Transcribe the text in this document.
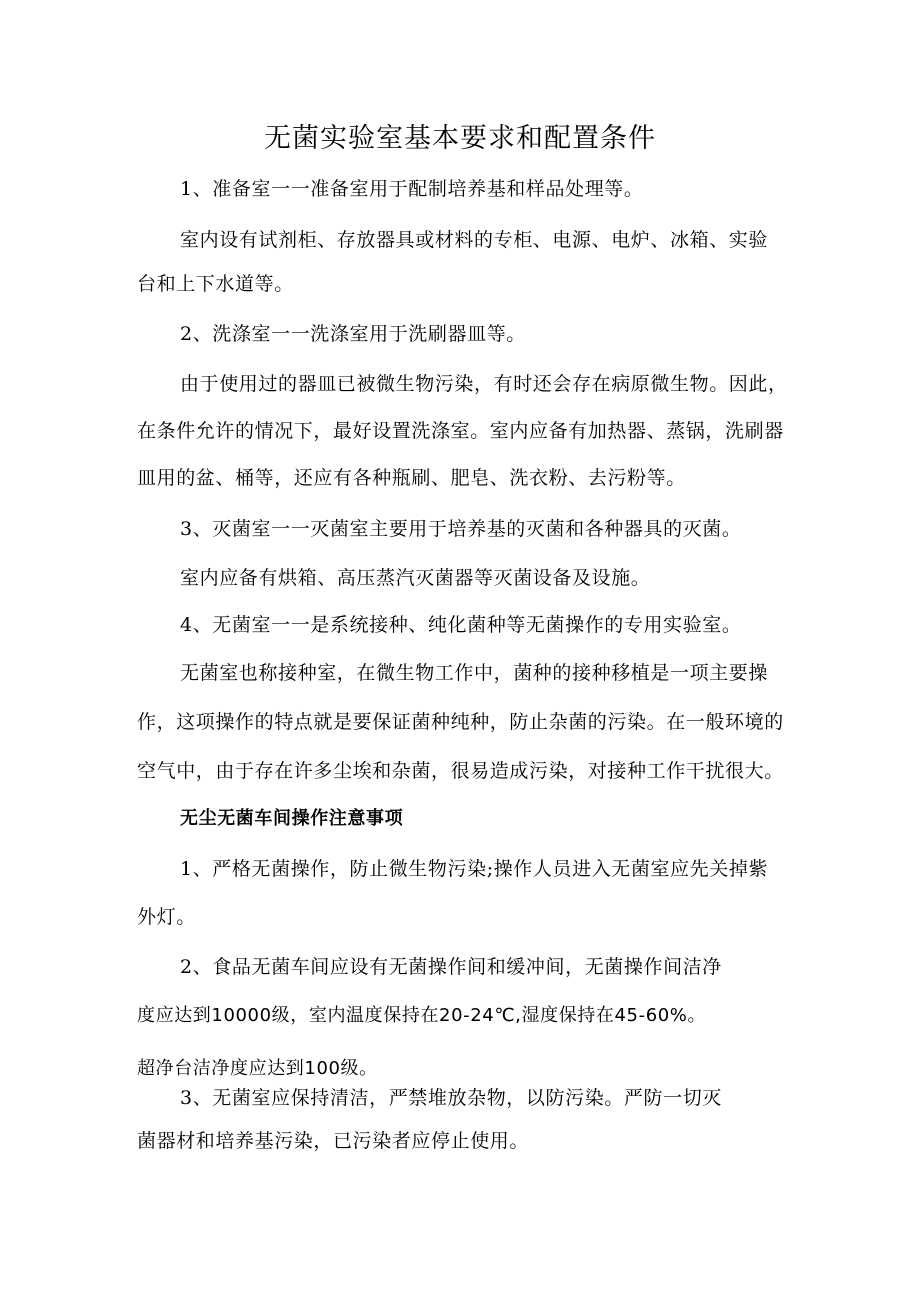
无菌实验室基本要求和配置条件
1、准备室一一准备室用于配制培养基和样品处理等。
室内设有试剂柜、存放器具或材料的专柜、电源、电炉、冰箱、实验
台和上下水道等。
2、洗涤室一一洗涤室用于洗刷器皿等。
由于使用过的器皿已被微生物污染，有时还会存在病原微生物。因此，
在条件允许的情况下，最好设置洗涤室。室内应备有加热器、蒸锅，洗刷器
皿用的盆、桶等，还应有各种瓶刷、肥皂、洗衣粉、去污粉等。
3、灭菌室一一灭菌室主要用于培养基的灭菌和各种器具的灭菌。
室内应备有烘箱、高压蒸汽灭菌器等灭菌设备及设施。
4、无菌室一一是系统接种、纯化菌种等无菌操作的专用实验室。
无菌室也称接种室，在微生物工作中，菌种的接种移植是一项主要操
作，这项操作的特点就是要保证菌种纯种，防止杂菌的污染。在一般环境的
空气中，由于存在许多尘埃和杂菌，很易造成污染，对接种工作干扰很大。
无尘无菌车间操作注意事项
1、严格无菌操作，防止微生物污染;操作人员进入无菌室应先关掉紫
外灯。
2、食品无菌车间应设有无菌操作间和缓冲间，无菌操作间洁净
度应达到10000级，室内温度保持在20-24℃,湿度保持在45-60%。
超净台洁净度应达到100级。
3、无菌室应保持清洁，严禁堆放杂物，以防污染。严防一切灭
菌器材和培养基污染，已污染者应停止使用。
